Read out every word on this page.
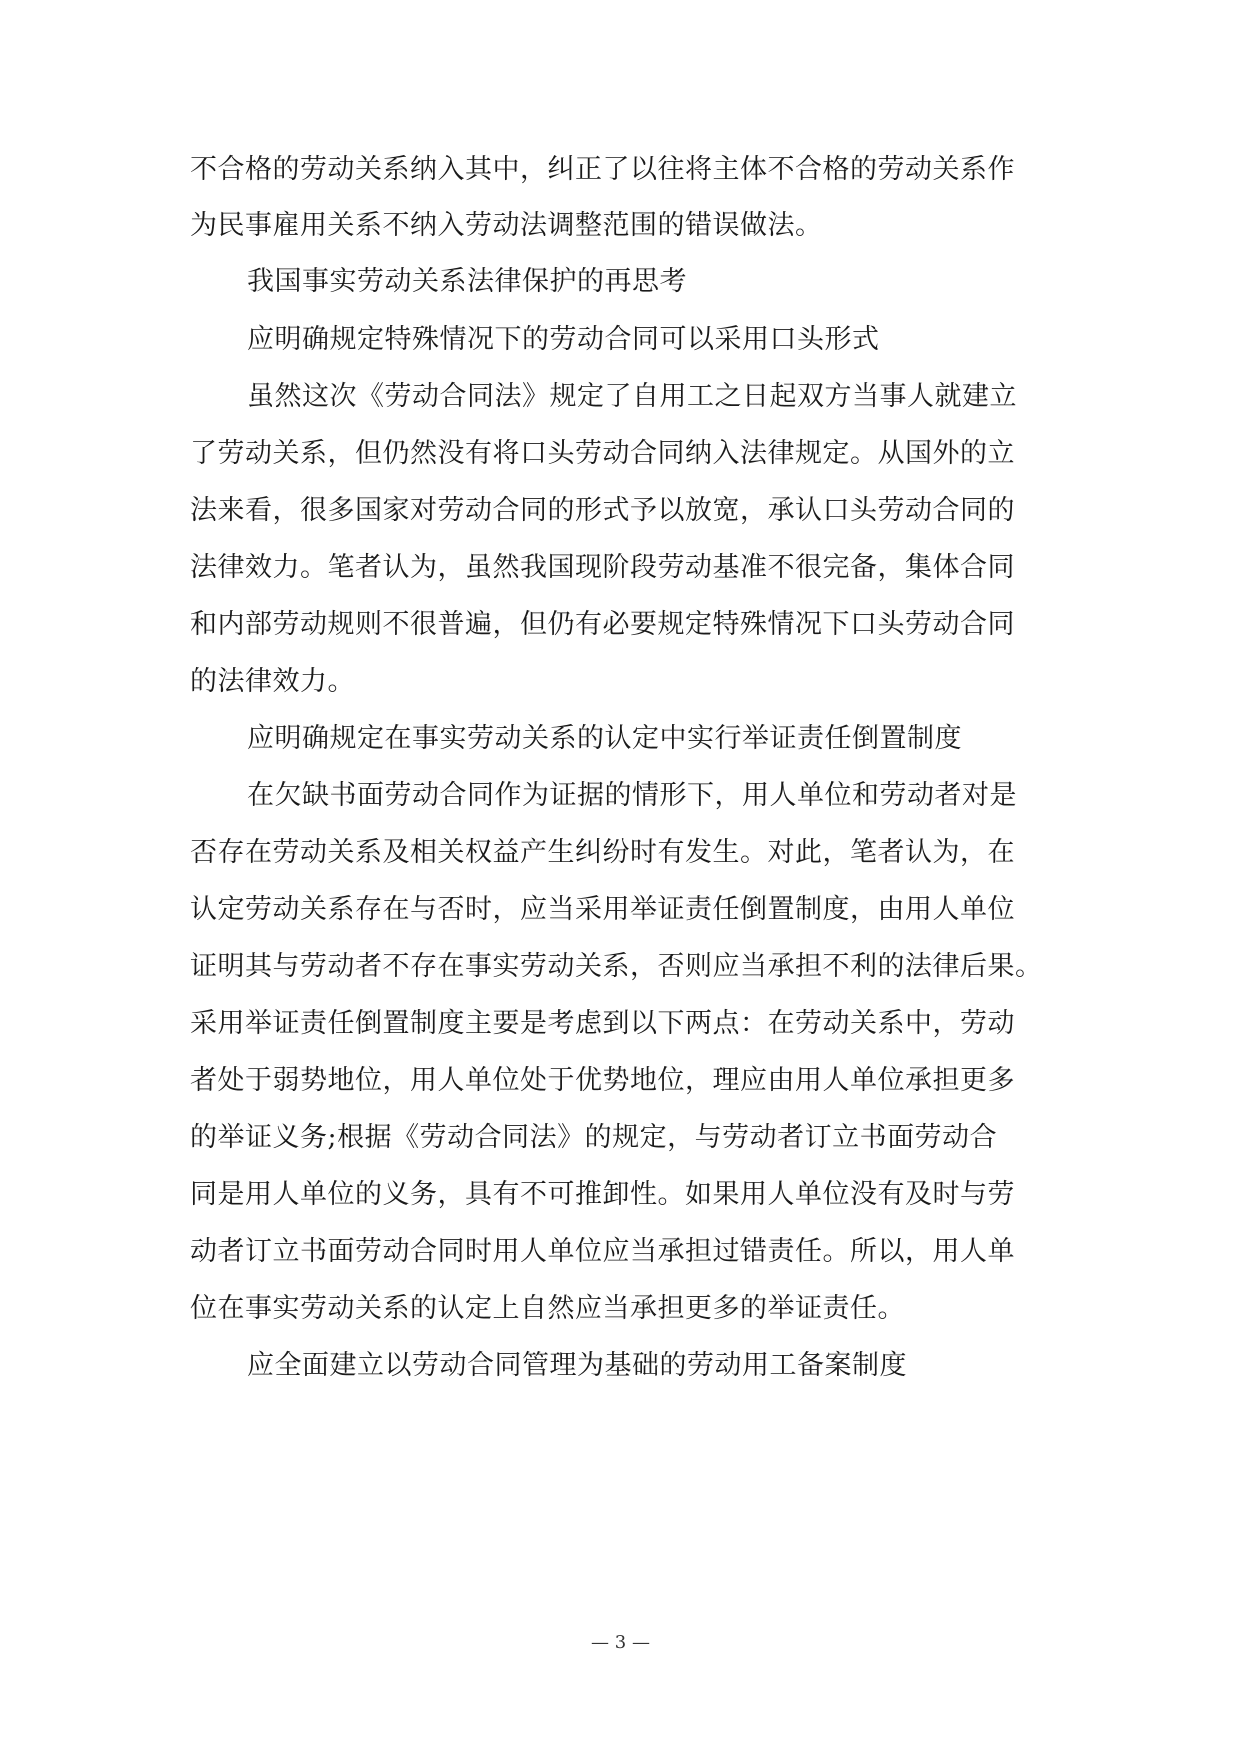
不合格的劳动关系纳入其中，纠正了以往将主体不合格的劳动关系作
为民事雇用关系不纳入劳动法调整范围的错误做法。
我国事实劳动关系法律保护的再思考
应明确规定特殊情况下的劳动合同可以采用口头形式
虽然这次《劳动合同法》规定了自用工之日起双方当事人就建立
了劳动关系，但仍然没有将口头劳动合同纳入法律规定。从国外的立
法来看，很多国家对劳动合同的形式予以放宽，承认口头劳动合同的
法律效力。笔者认为，虽然我国现阶段劳动基准不很完备，集体合同
和内部劳动规则不很普遍，但仍有必要规定特殊情况下口头劳动合同
的法律效力。
应明确规定在事实劳动关系的认定中实行举证责任倒置制度
在欠缺书面劳动合同作为证据的情形下，用人单位和劳动者对是
否存在劳动关系及相关权益产生纠纷时有发生。对此，笔者认为，在
认定劳动关系存在与否时，应当采用举证责任倒置制度，由用人单位
证明其与劳动者不存在事实劳动关系，否则应当承担不利的法律后果。
采用举证责任倒置制度主要是考虑到以下两点：在劳动关系中，劳动
者处于弱势地位，用人单位处于优势地位，理应由用人单位承担更多
的举证义务;根据《劳动合同法》的规定，与劳动者订立书面劳动合
同是用人单位的义务，具有不可推卸性。如果用人单位没有及时与劳
动者订立书面劳动合同时用人单位应当承担过错责任。所以，用人单
位在事实劳动关系的认定上自然应当承担更多的举证责任。
应全面建立以劳动合同管理为基础的劳动用工备案制度
— 3 —
